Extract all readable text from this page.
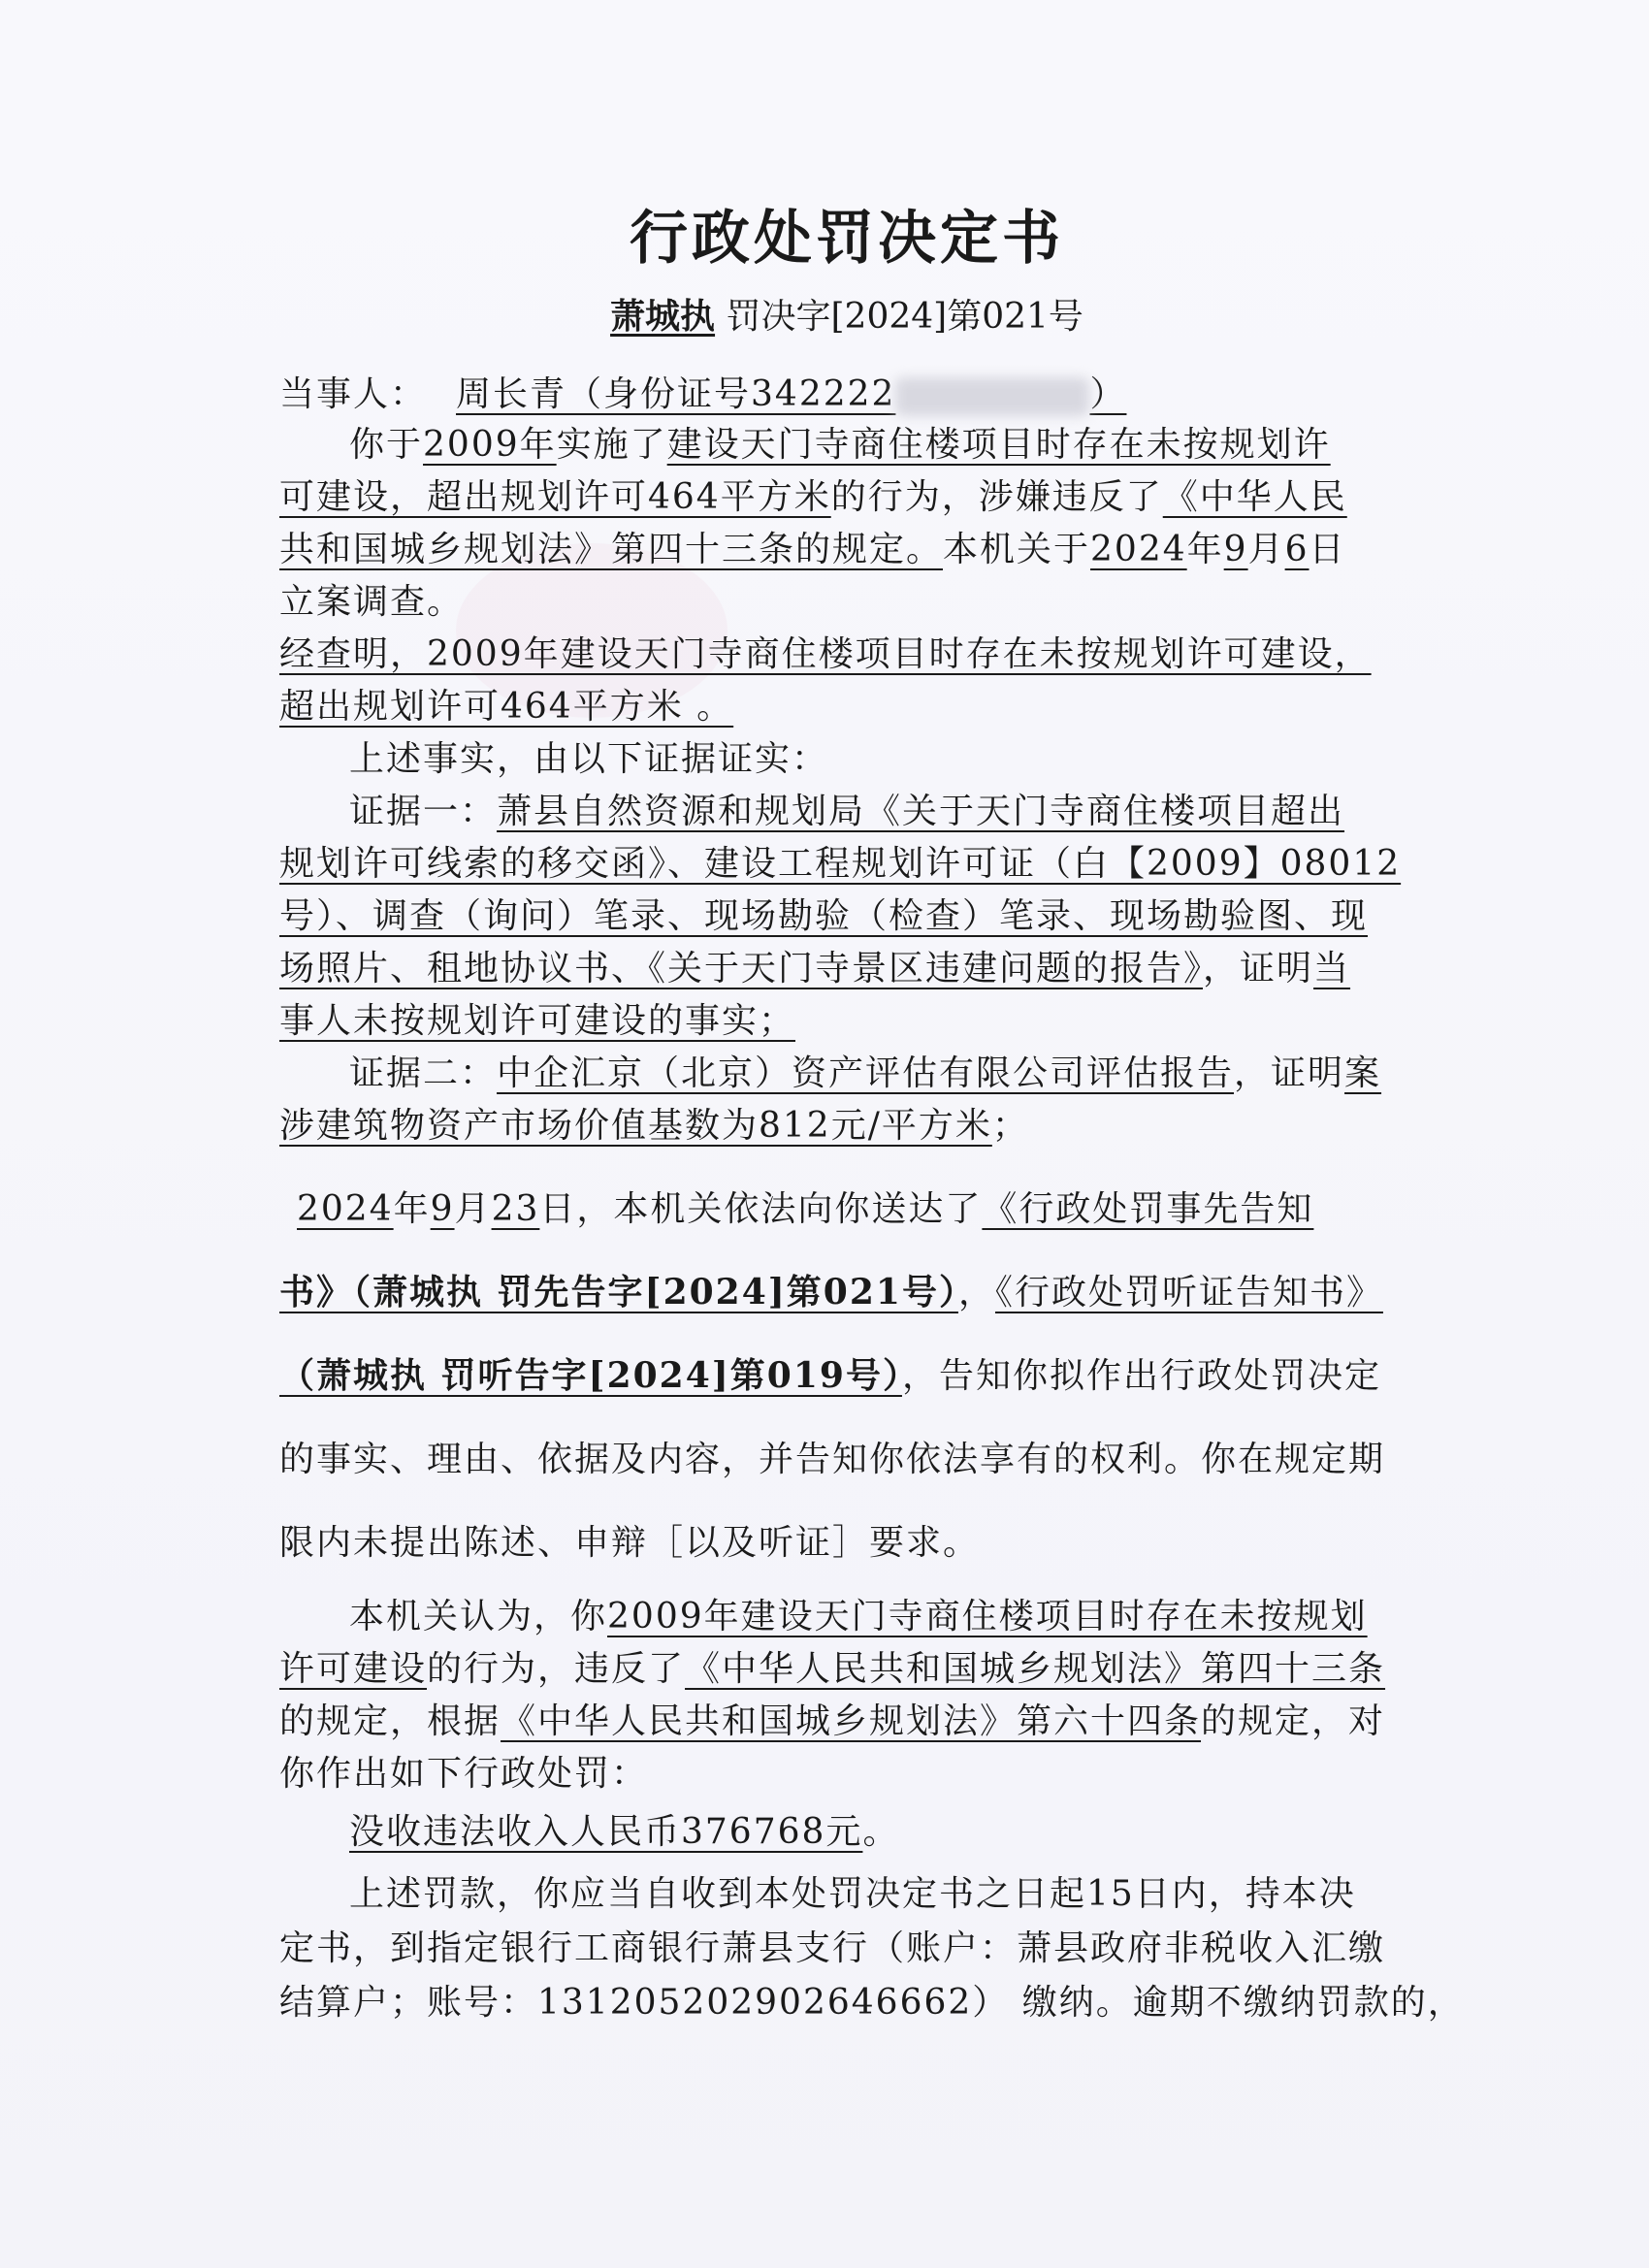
行政处罚决定书
萧城执 罚决字[2024]第021号
当事人： 周长青（身份证号342222	）
你于2009年实施了建设天门寺商住楼项目时存在未按规划许
可建设，超出规划许可464平方米的行为，涉嫌违反了《中华人民
共和国城乡规划法》第四十三条的规定。本机关于2024年9月6日
立案调查。
经查明，2009年建设天门寺商住楼项目时存在未按规划许可建设，
超出规划许可464平方米 。
上述事实，由以下证据证实：
证据一：萧县自然资源和规划局《关于天门寺商住楼项目超出
规划许可线索的移交函》、建设工程规划许可证（白【2009】08012
号）、调查（询问）笔录、现场勘验（检查）笔录、现场勘验图、现
场照片、租地协议书、《关于天门寺景区违建问题的报告》，证明当
事人未按规划许可建设的事实；
证据二：中企汇京（北京）资产评估有限公司评估报告，证明案
涉建筑物资产市场价值基数为812元/平方米；
2024年9月23日，本机关依法向你送达了《行政处罚事先告知
书》（萧城执 罚先告字[2024]第021号），《行政处罚听证告知书》
（萧城执 罚听告字[2024]第019号），告知你拟作出行政处罚决定
的事实、理由、依据及内容，并告知你依法享有的权利。你在规定期
限内未提出陈述、申辩［以及听证］要求。
本机关认为，你2009年建设天门寺商住楼项目时存在未按规划
许可建设的行为，违反了《中华人民共和国城乡规划法》第四十三条
的规定，根据《中华人民共和国城乡规划法》第六十四条的规定，对
你作出如下行政处罚：
没收违法收入人民币376768元。
上述罚款，你应当自收到本处罚决定书之日起15日内，持本决
定书，到指定银行工商银行萧县支行（账户：萧县政府非税收入汇缴
结算户；账号：131205202902646662） 缴纳。逾期不缴纳罚款的，
